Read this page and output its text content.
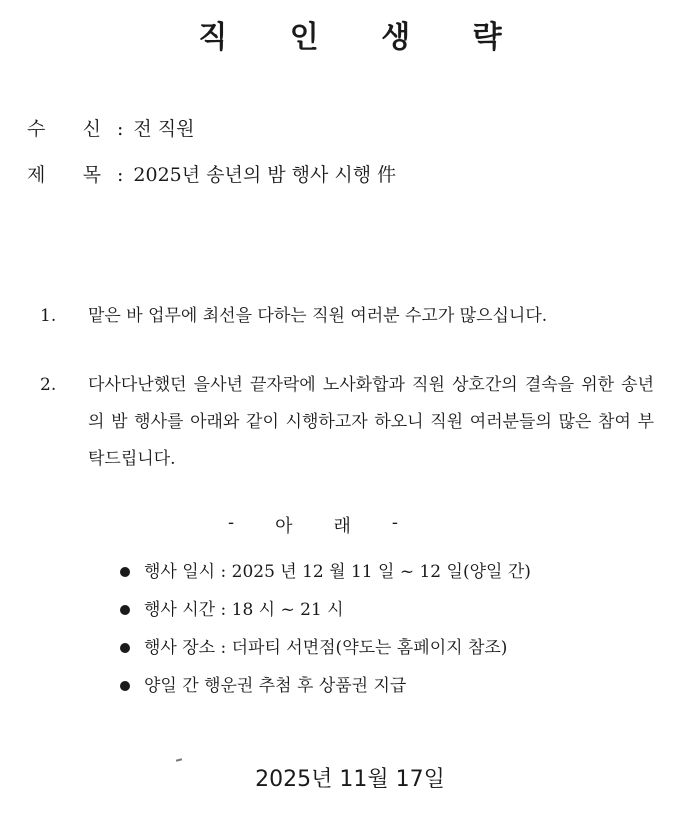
직 인 생 략
수 신 : 전 직원
제 목 : 2025년 송년의 밤 행사 시행 件
1. 맡은 바 업무에 최선을 다하는 직원 여러분 수고가 많으십니다.
2. 다사다난했던 을사년 끝자락에 노사화합과 직원 상호간의 결속을 위한 송년의 밤 행사를 아래와 같이 시행하고자 하오니 직원 여러분들의 많은 참여 부탁드립니다.
- 아 래 -
행사 일시 : 2025 년 12 월 11 일 ~ 12 일(양일 간)
행사 시간 : 18 시 ~ 21 시
행사 장소 : 더파티 서면점(약도는 홈페이지 참조)
양일 간 행운권 추첨 후 상품권 지급
2025년 11월 17일
